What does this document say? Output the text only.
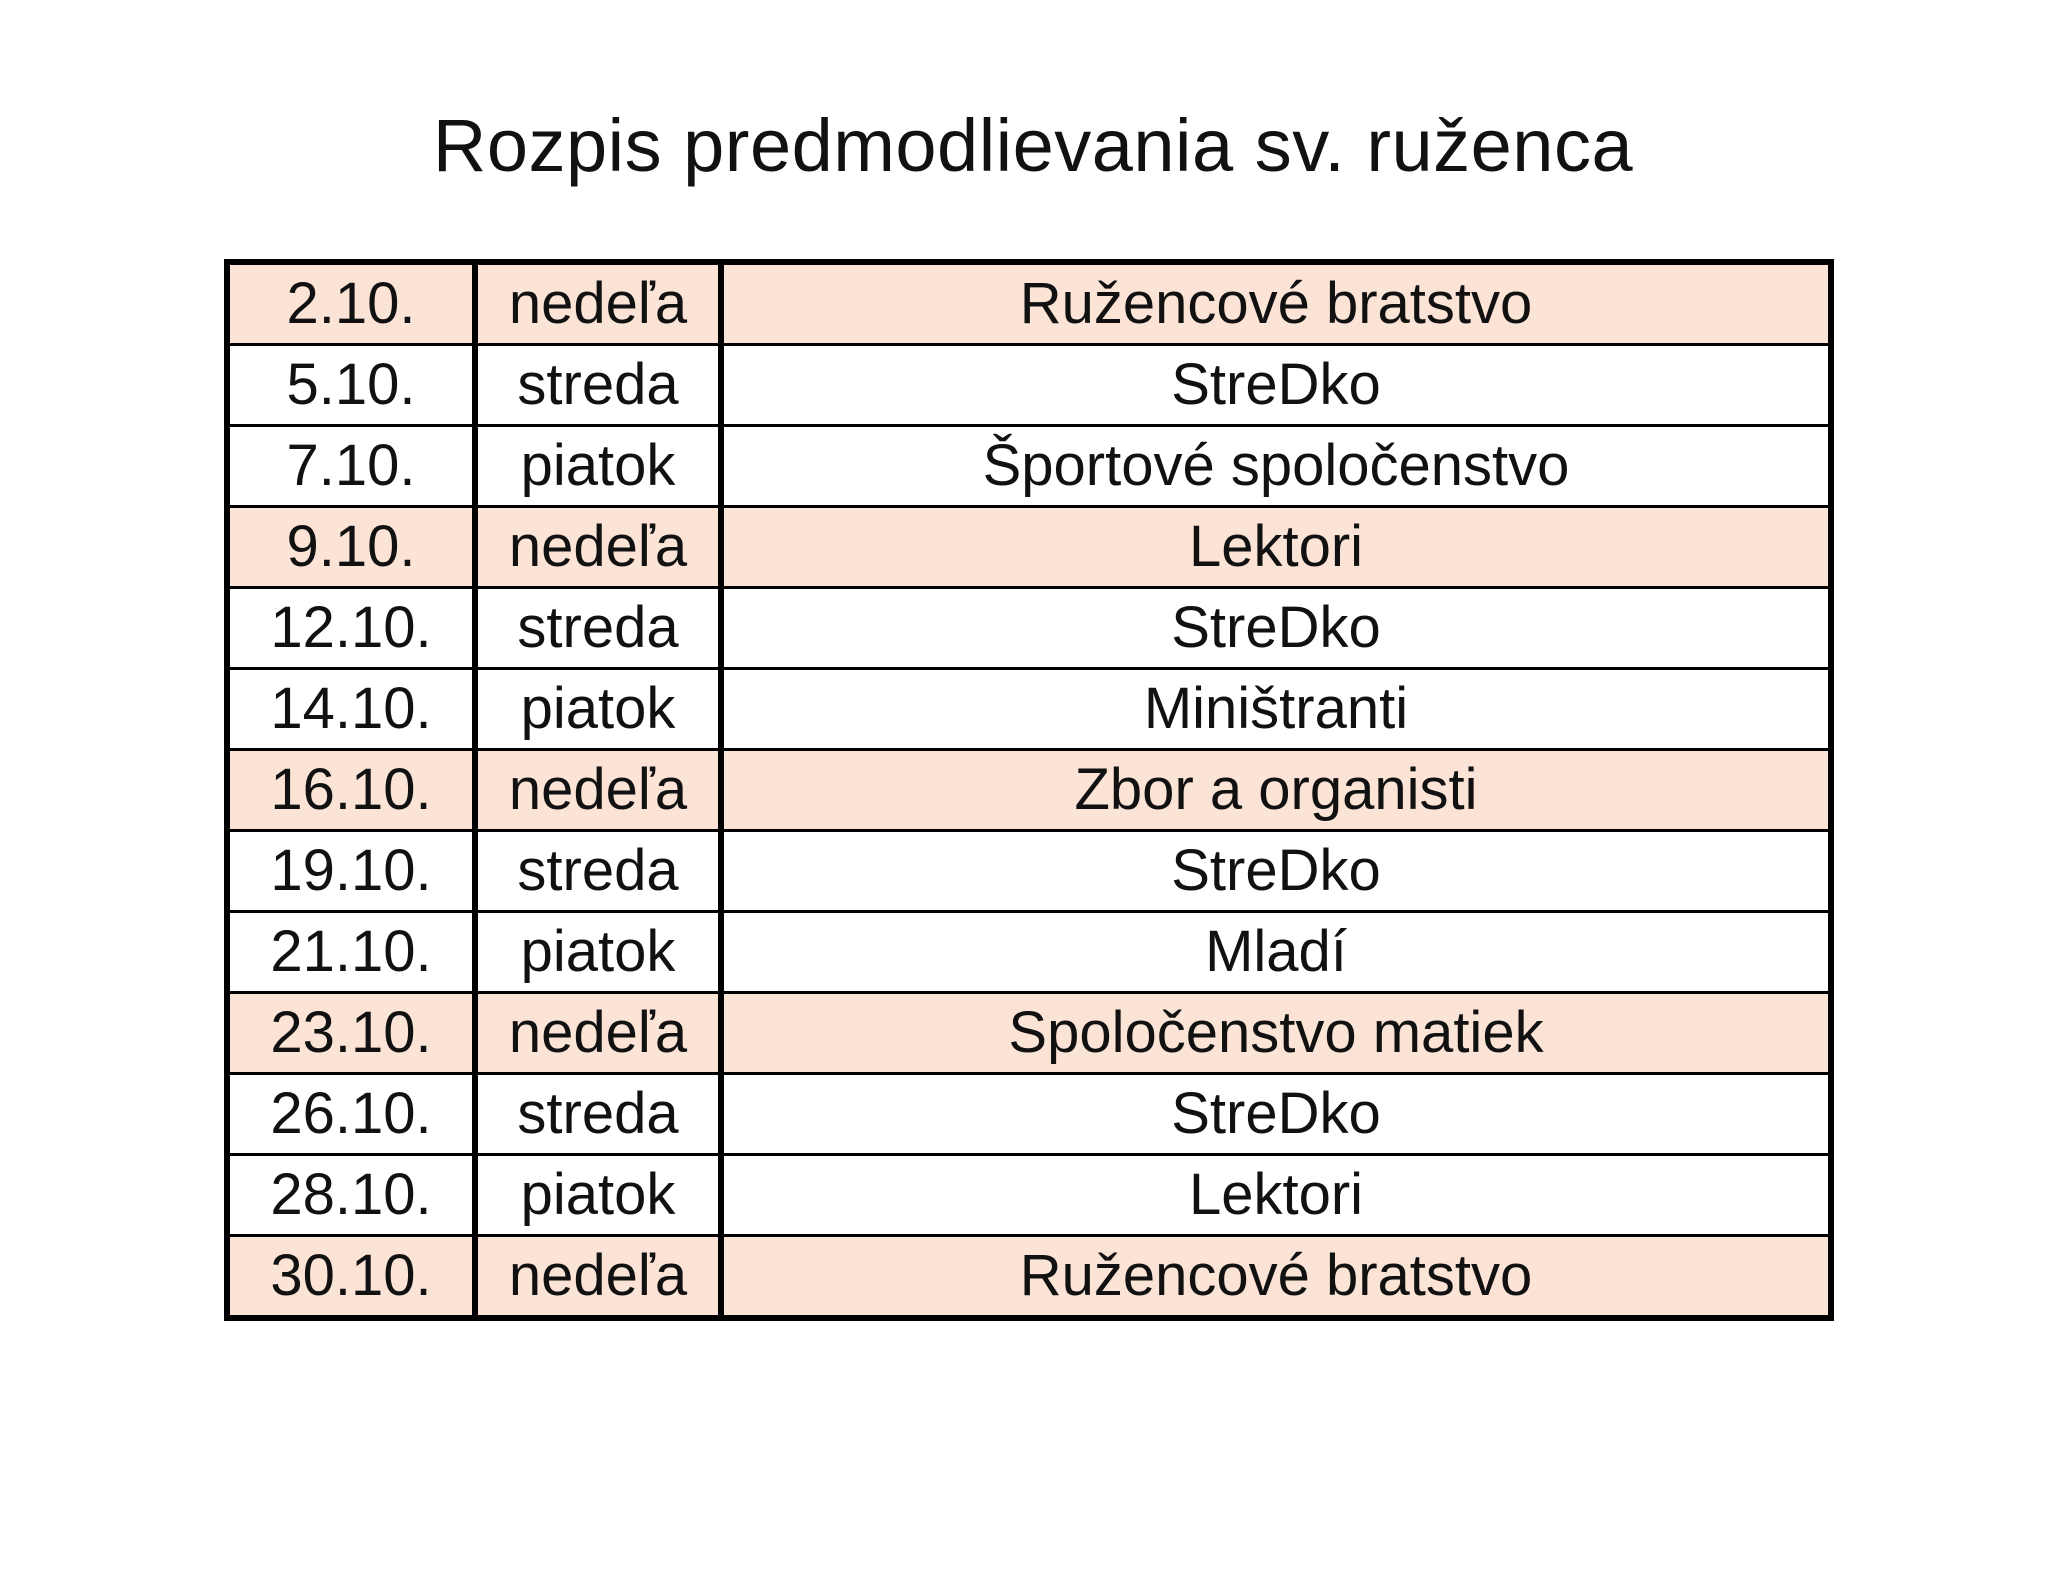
Rozpis predmodlievania sv. ruženca
2.10.	nedeľa	Ružencové bratstvo
5.10.	streda	StreDko
7.10.	piatok	Športové spoločenstvo
9.10.	nedeľa	Lektori
12.10.	streda	StreDko
14.10.	piatok	Miništranti
16.10.	nedeľa	Zbor a organisti
19.10.	streda	StreDko
21.10.	piatok	Mladí
23.10.	nedeľa	Spoločenstvo matiek
26.10.	streda	StreDko
28.10.	piatok	Lektori
30.10.	nedeľa	Ružencové bratstvo
